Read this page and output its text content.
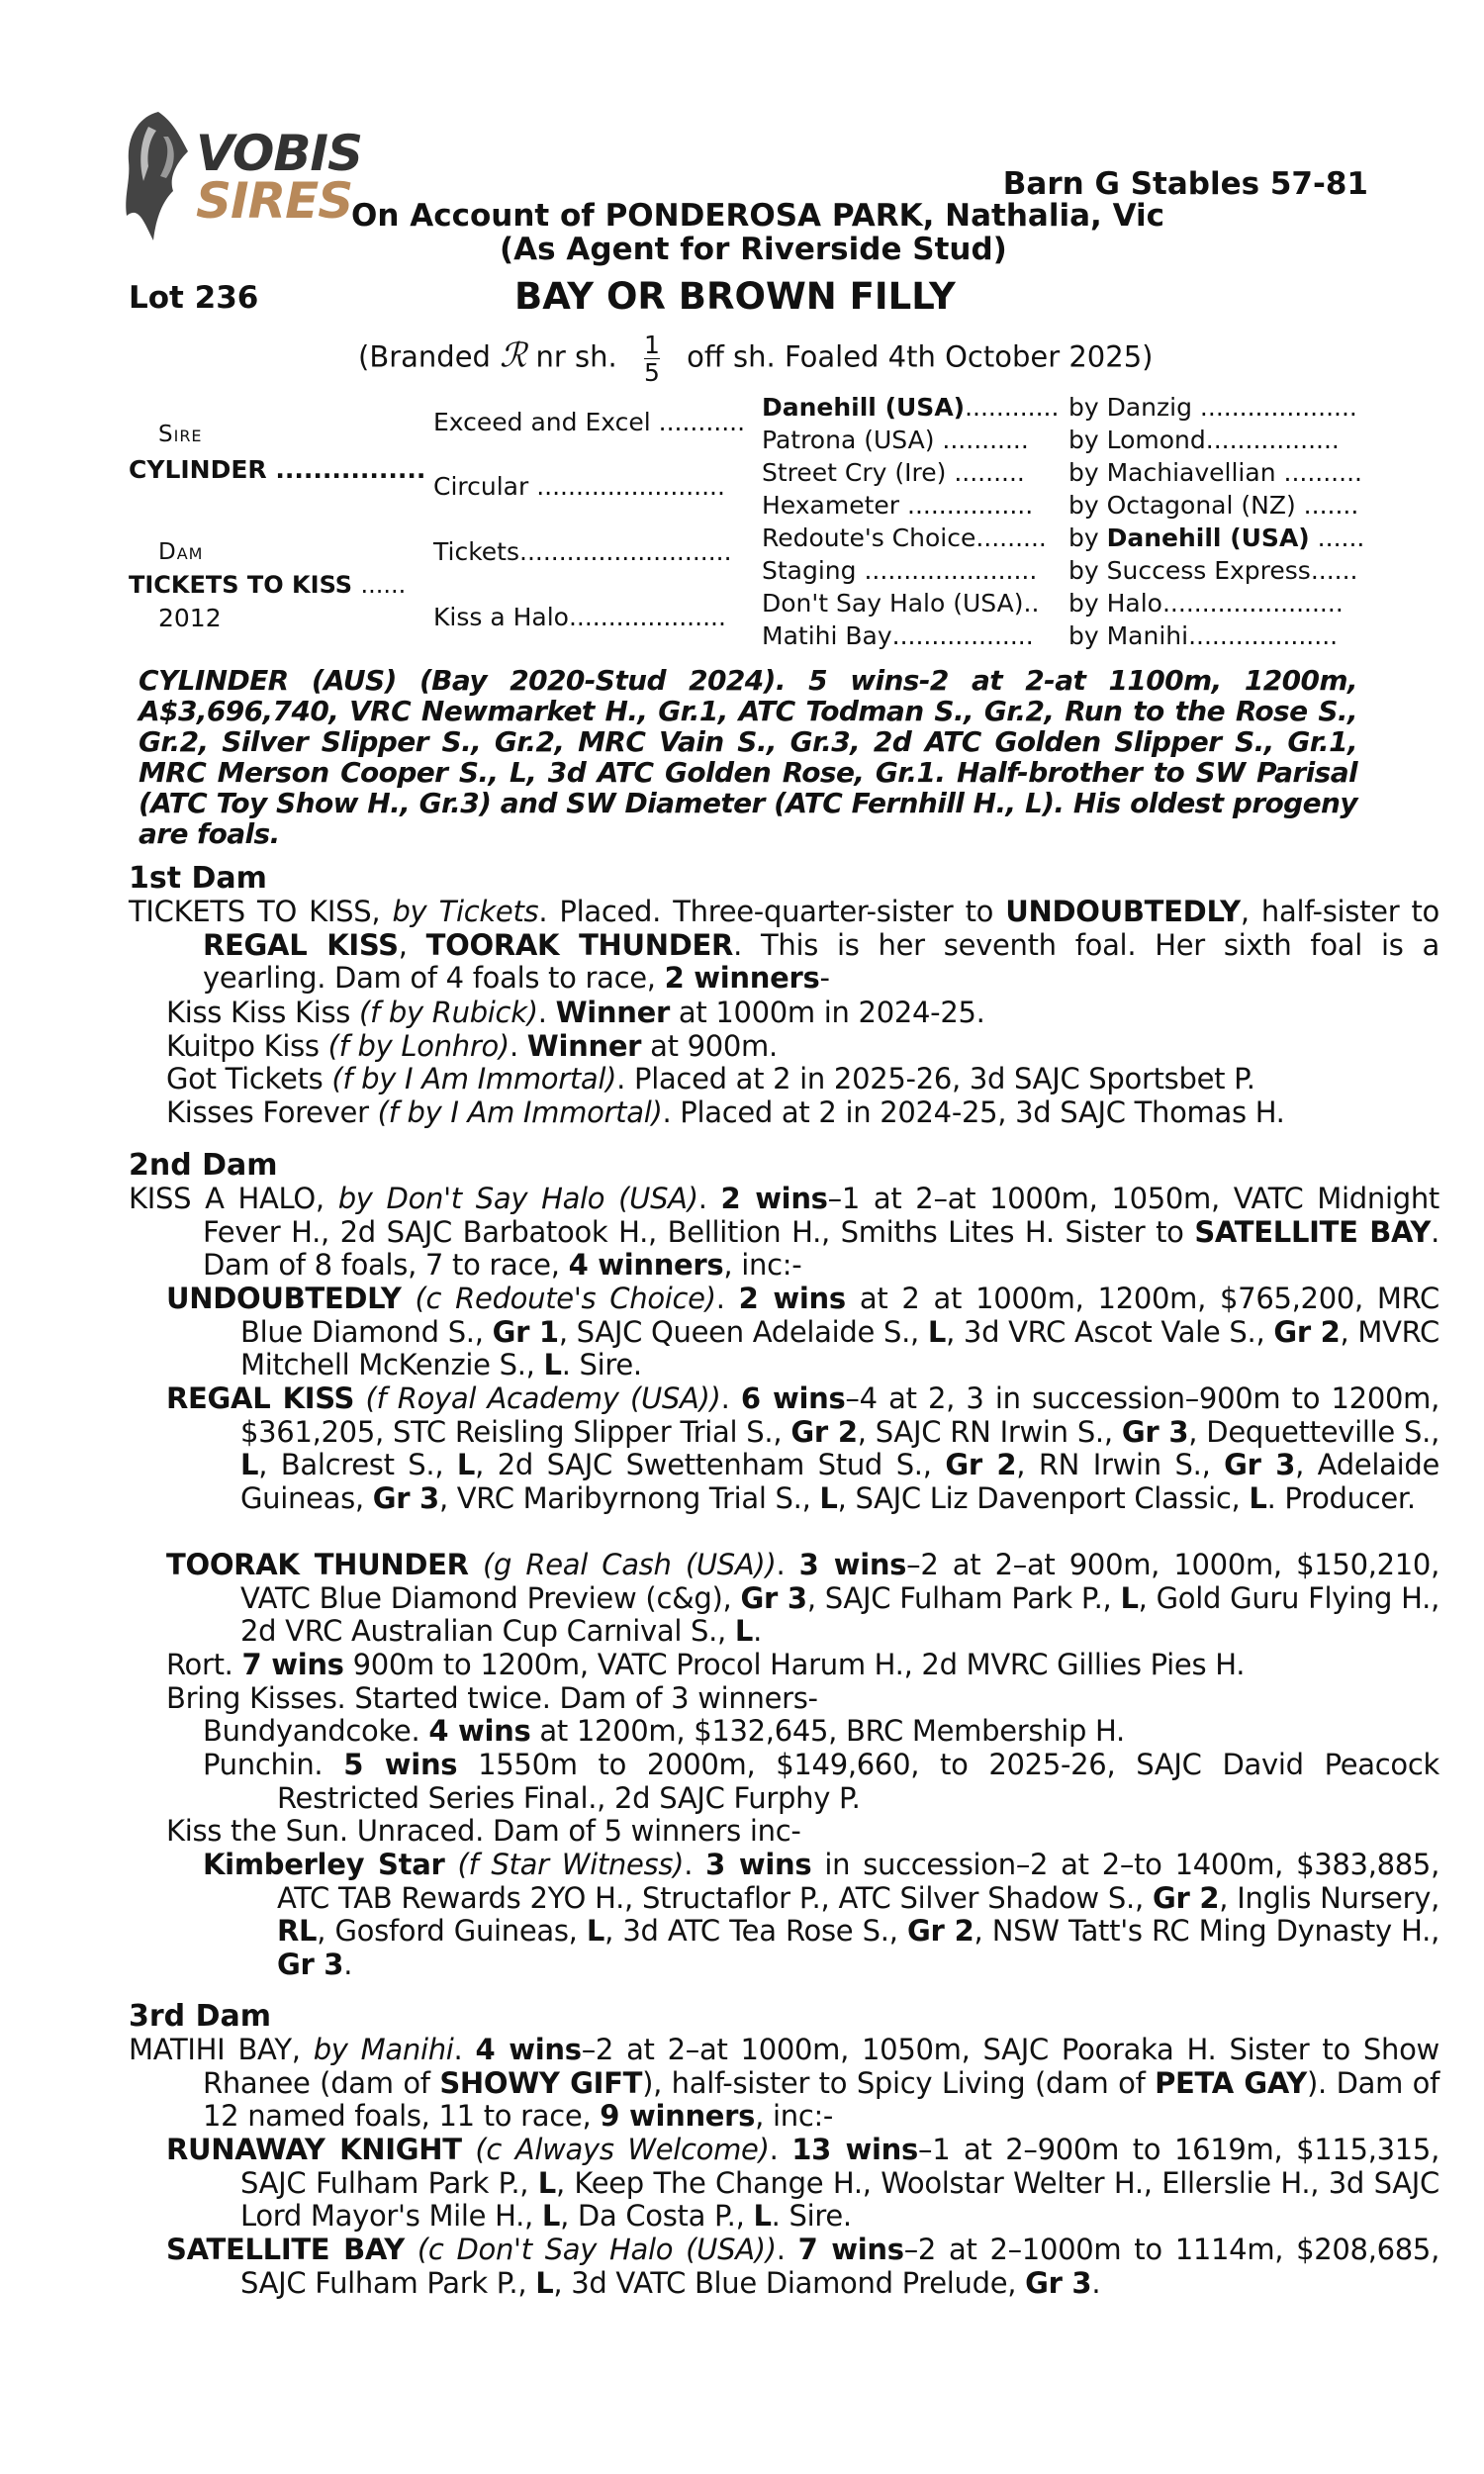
VOBIS
SIRES	Barn G Stables 57-81
On Account of PONDEROSA PARK, Nathalia, Vic
(As Agent for Riverside Stud)
Lot 236	BAY OR BROWN FILLY
(Branded ℛ nr sh. $\frac{1}{5}$ off sh. Foaled 4th October 2025)
Sire
CYLINDER ................
Dam
TICKETS TO KISS ......
2012
Exceed and Excel ...........
Circular ........................
Tickets...........................
Kiss a Halo....................
Danehill (USA)............
Patrona (USA) ...........
Street Cry (Ire) .........
Hexameter ................
Redoute's Choice.........
Staging ......................
Don't Say Halo (USA)..
Matihi Bay..................
by Danzig ....................
by Lomond.................
by Machiavellian ..........
by Octagonal (NZ) .......
by Danehill (USA) ......
by Success Express......
by Halo.......................
by Manihi...................
CYLINDER (AUS) (Bay 2020-Stud 2024). 5 wins-2 at 2-at 1100m, 1200m, A$3,696,740, VRC Newmarket H., Gr.1, ATC Todman S., Gr.2, Run to the Rose S., Gr.2, Silver Slipper S., Gr.2, MRC Vain S., Gr.3, 2d ATC Golden Slipper S., Gr.1, MRC Merson Cooper S., L, 3d ATC Golden Rose, Gr.1. Half-brother to SW Parisal (ATC Toy Show H., Gr.3) and SW Diameter (ATC Fernhill H., L). His oldest progeny are foals.
1st Dam
TICKETS TO KISS, by Tickets. Placed. Three-quarter-sister to UNDOUBTEDLY, half-sister to REGAL KISS, TOORAK THUNDER. This is her seventh foal. Her sixth foal is a yearling. Dam of 4 foals to race, 2 winners-
Kiss Kiss Kiss (f by Rubick). Winner at 1000m in 2024-25.
Kuitpo Kiss (f by Lonhro). Winner at 900m.
Got Tickets (f by I Am Immortal). Placed at 2 in 2025-26, 3d SAJC Sportsbet P.
Kisses Forever (f by I Am Immortal). Placed at 2 in 2024-25, 3d SAJC Thomas H.
2nd Dam
KISS A HALO, by Don't Say Halo (USA). 2 wins–1 at 2–at 1000m, 1050m, VATC Midnight Fever H., 2d SAJC Barbatook H., Bellition H., Smiths Lites H. Sister to SATELLITE BAY. Dam of 8 foals, 7 to race, 4 winners, inc:-
UNDOUBTEDLY (c Redoute's Choice). 2 wins at 2 at 1000m, 1200m, $765,200, MRC Blue Diamond S., Gr 1, SAJC Queen Adelaide S., L, 3d VRC Ascot Vale S., Gr 2, MVRC Mitchell McKenzie S., L. Sire.
REGAL KISS (f Royal Academy (USA)). 6 wins–4 at 2, 3 in succession–900m to 1200m, $361,205, STC Reisling Slipper Trial S., Gr 2, SAJC RN Irwin S., Gr 3, Dequetteville S., L, Balcrest S., L, 2d SAJC Swettenham Stud S., Gr 2, RN Irwin S., Gr 3, Adelaide Guineas, Gr 3, VRC Maribyrnong Trial S., L, SAJC Liz Davenport Classic, L. Producer.
TOORAK THUNDER (g Real Cash (USA)). 3 wins–2 at 2–at 900m, 1000m, $150,210, VATC Blue Diamond Preview (c&g), Gr 3, SAJC Fulham Park P., L, Gold Guru Flying H., 2d VRC Australian Cup Carnival S., L.
Rort. 7 wins 900m to 1200m, VATC Procol Harum H., 2d MVRC Gillies Pies H.
Bring Kisses. Started twice. Dam of 3 winners-
Bundyandcoke. 4 wins at 1200m, $132,645, BRC Membership H.
Punchin. 5 wins 1550m to 2000m, $149,660, to 2025-26, SAJC David Peacock Restricted Series Final., 2d SAJC Furphy P.
Kiss the Sun. Unraced. Dam of 5 winners inc-
Kimberley Star (f Star Witness). 3 wins in succession–2 at 2–to 1400m, $383,885, ATC TAB Rewards 2YO H., Structaflor P., ATC Silver Shadow S., Gr 2, Inglis Nursery, RL, Gosford Guineas, L, 3d ATC Tea Rose S., Gr 2, NSW Tatt's RC Ming Dynasty H., Gr 3.
3rd Dam
MATIHI BAY, by Manihi. 4 wins–2 at 2–at 1000m, 1050m, SAJC Pooraka H. Sister to Show Rhanee (dam of SHOWY GIFT), half-sister to Spicy Living (dam of PETA GAY). Dam of 12 named foals, 11 to race, 9 winners, inc:-
RUNAWAY KNIGHT (c Always Welcome). 13 wins–1 at 2–900m to 1619m, $115,315, SAJC Fulham Park P., L, Keep The Change H., Woolstar Welter H., Ellerslie H., 3d SAJC Lord Mayor's Mile H., L, Da Costa P., L. Sire.
SATELLITE BAY (c Don't Say Halo (USA)). 7 wins–2 at 2–1000m to 1114m, $208,685, SAJC Fulham Park P., L, 3d VATC Blue Diamond Prelude, Gr 3.
